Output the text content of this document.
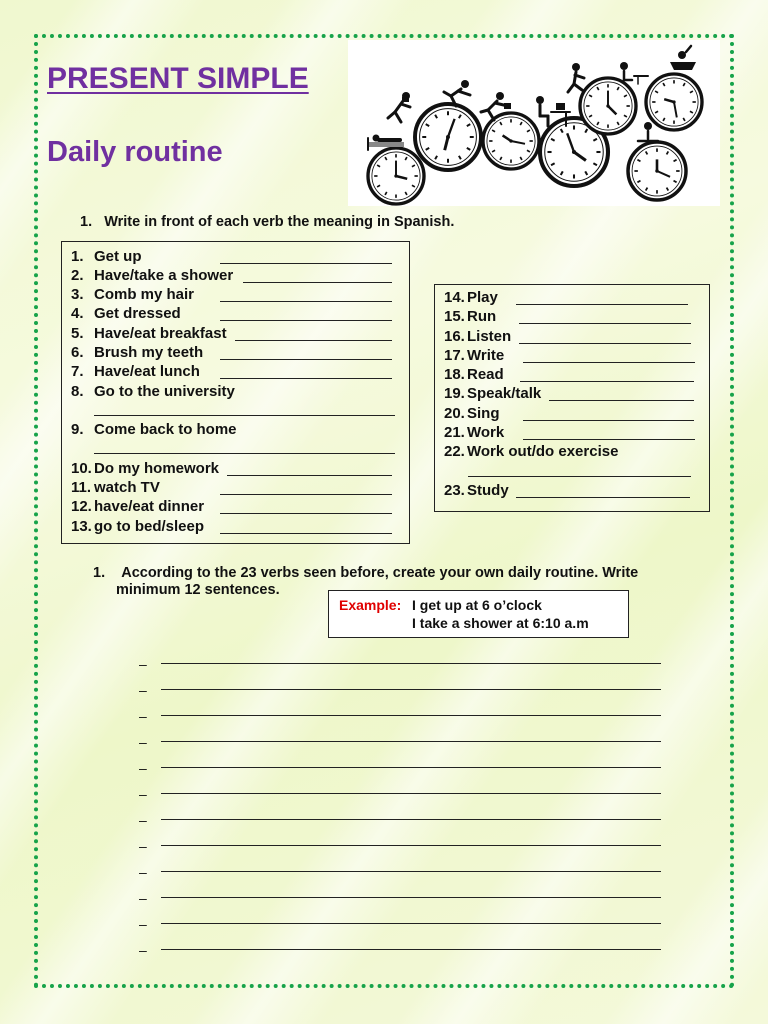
PRESENT SIMPLE
Daily routine

1. Write in front of each verb the meaning in Spanish.

1. Get up
2. Have/take a shower
3. Comb my hair
4. Get dressed
5. Have/eat breakfast
6. Brush my teeth
7. Have/eat lunch
8. Go to the university
9. Come back to home
10. Do my homework
11. watch TV
12. have/eat dinner
13. go to bed/sleep
14. Play
15. Run
16. Listen
17. Write
18. Read
19. Speak/talk
20. Sing
21. Work
22. Work out/do exercise
23. Study

1. According to the 23 verbs seen before, create your own daily routine. Write
minimum 12 sentences.

Example: I get up at 6 o’clock
I take a shower at 6:10 a.m
–
–
–
–
–
–
–
–
–
–
–
–
